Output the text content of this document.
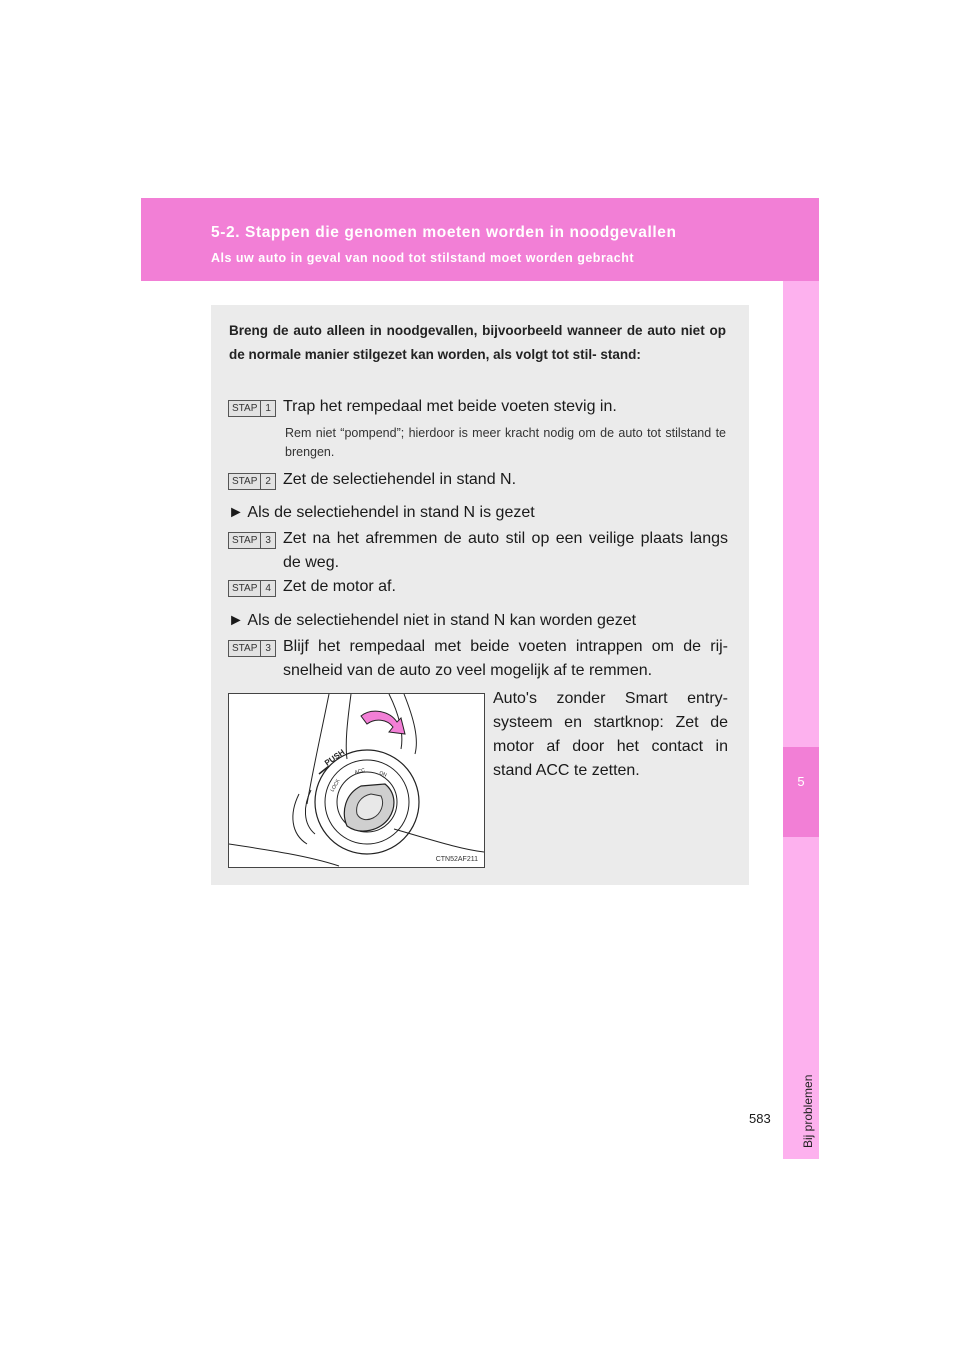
5-2. Stappen die genomen moeten worden in noodgevallen
Als uw auto in geval van nood tot stilstand moet worden gebracht
5
Bij problemen
583
Breng de auto alleen in noodgevallen, bijvoorbeeld wanneer de auto niet op de normale manier stilgezet kan worden, als volgt tot stil- stand:
STAP 1 Trap het rempedaal met beide voeten stevig in.
Rem niet “pompend”; hierdoor is meer kracht nodig om de auto tot stilstand te brengen.
STAP 2 Zet de selectiehendel in stand N.
► Als de selectiehendel in stand N is gezet
STAP 3 Zet na het afremmen de auto stil op een veilige plaats langs de weg.
STAP 4 Zet de motor af.
► Als de selectiehendel niet in stand N kan worden gezet
STAP 3 Blijf het rempedaal met beide voeten intrappen om de rij- snelheid van de auto zo veel mogelijk af te remmen.
Auto's zonder Smart entry- systeem en startknop: Zet de motor af door het contact in stand ACC te zetten.
PUSH
LOCK
ACC	ON
CTN52AF211
